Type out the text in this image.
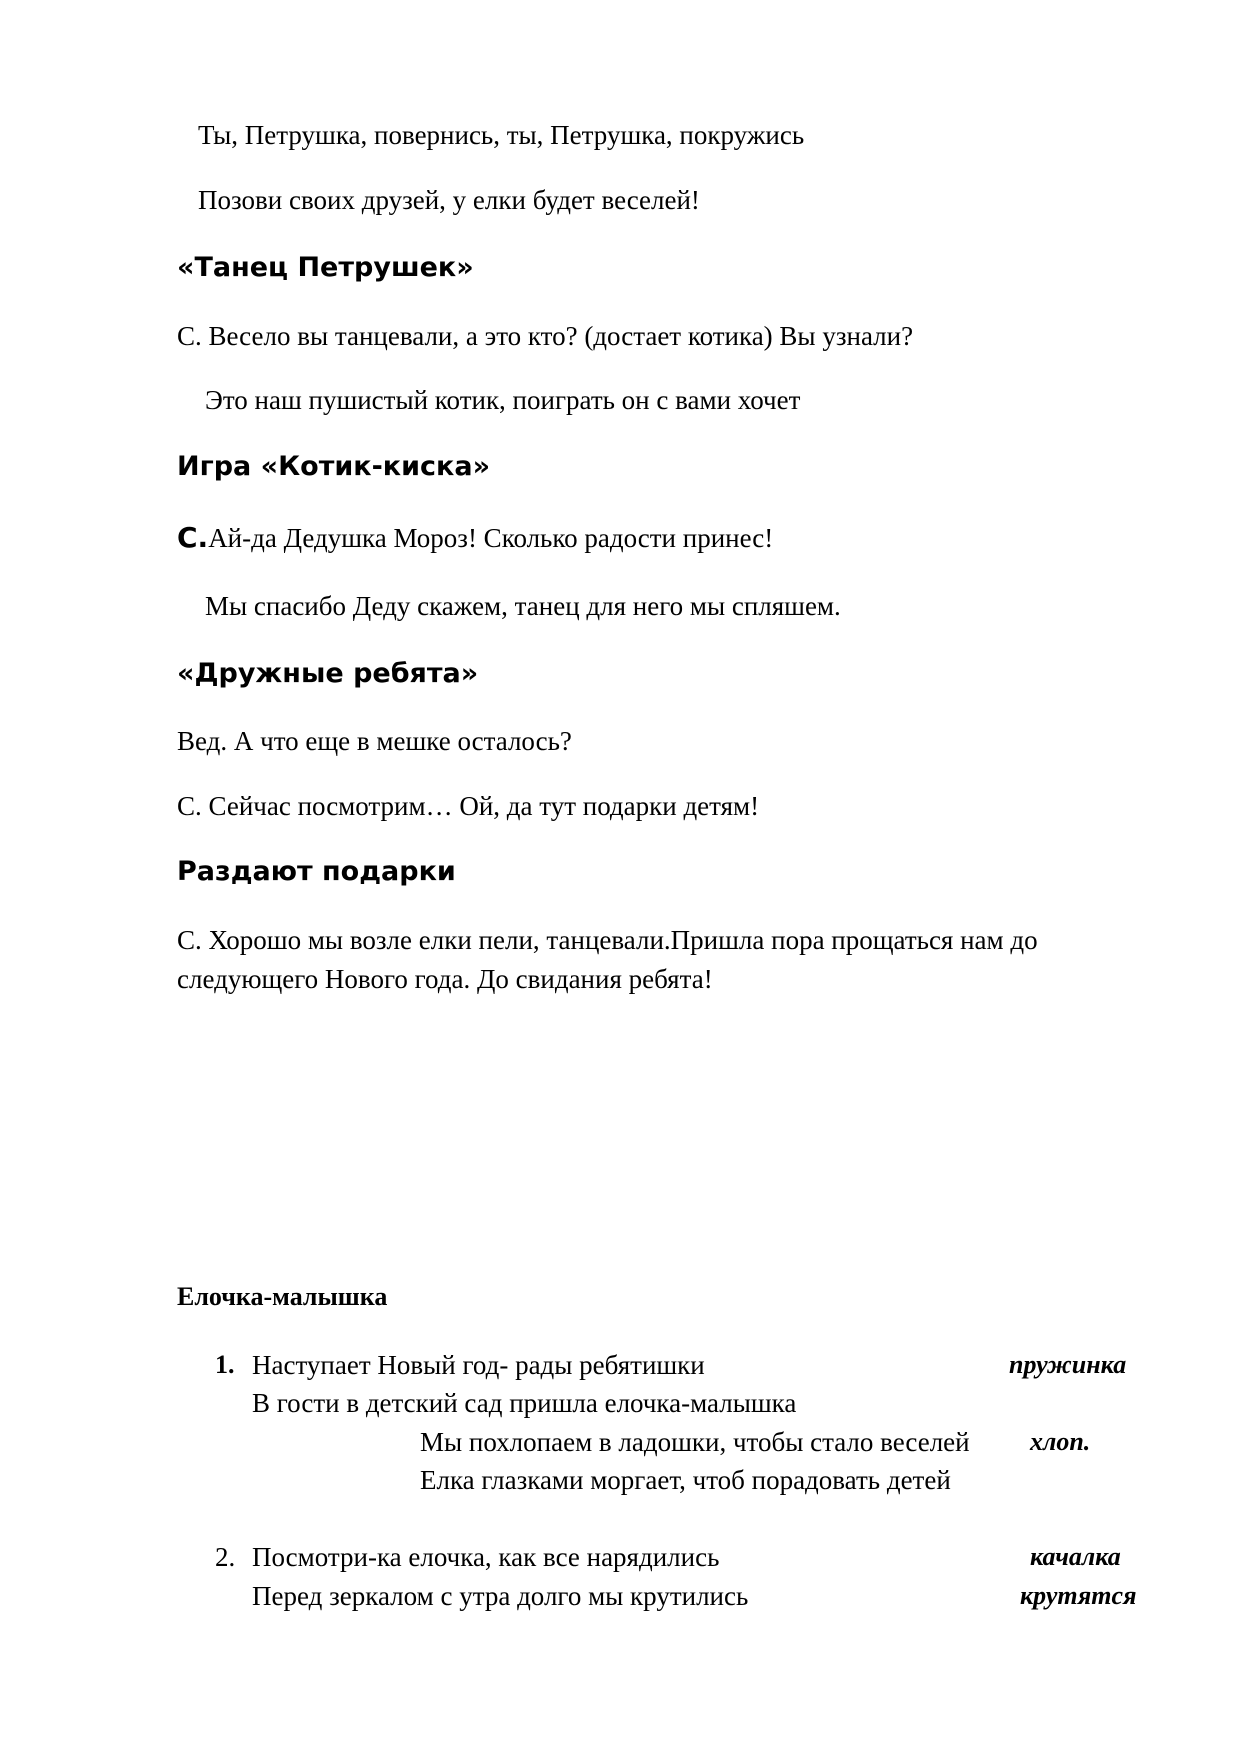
Ты, Петрушка, повернись, ты, Петрушка, покружись
Позови своих друзей, у елки будет веселей!
«Танец Петрушек»
С. Весело вы танцевали, а это кто? (достает котика) Вы узнали?
Это наш пушистый котик, поиграть он с вами хочет
Игра «Котик-киска»
С.Ай-да Дедушка Мороз! Сколько радости принес!
Мы спасибо Деду скажем, танец для него мы спляшем.
«Дружные ребята»
Вед. А что еще в мешке осталось?
С. Сейчас посмотрим… Ой, да тут подарки детям!
Раздают подарки
С. Хорошо мы возле елки пели, танцевали.Пришла пора прощаться нам до
следующего Нового года. До свидания ребята!
Елочка-малышка
1. Наступает Новый год- рады ребятишки	пружинка
В гости в детский сад пришла елочка-малышка
Мы похлопаем в ладошки, чтобы стало веселей хлоп.
Елка глазками моргает, чтоб порадовать детей
2. Посмотри-ка елочка, как все нарядились	качалка
Перед зеркалом с утра долго мы крутились	крутятся
